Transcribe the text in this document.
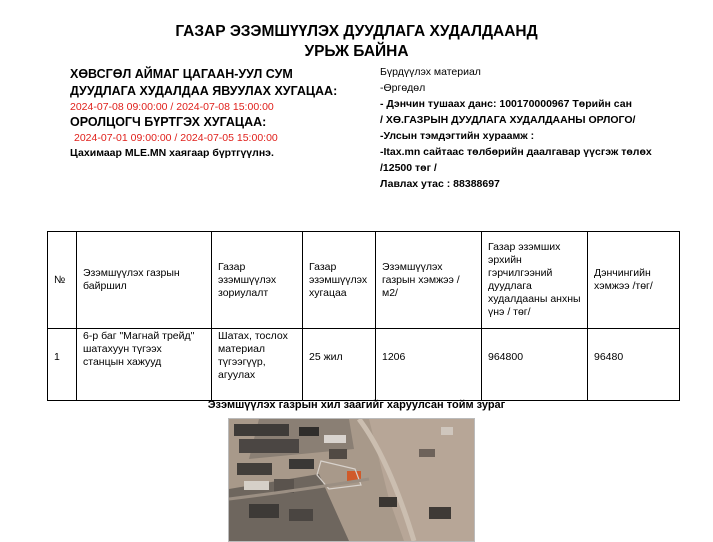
ГАЗАР ЭЗЭМШҮҮЛЭХ ДУУДЛАГА ХУДАЛДААНД
УРЬЖ БАЙНА
ХӨВСГӨЛ АЙМАГ ЦАГААН-УУЛ СУМ
ДУУДЛАГА ХУДАЛДАА ЯВУУЛАХ ХУГАЦАА:
2024-07-08 09:00:00 / 2024-07-08 15:00:00
ОРОЛЦОГЧ БҮРТГЭХ ХУГАЦАА:
2024-07-01 09:00:00 / 2024-07-05 15:00:00
Цахимаар MLE.MN хаягаар бүртгүүлнэ.
Бүрдүүлэх материал
-Өргөдөл
- Дэнчин тушаах данс: 100170000967 Төрийн сан
/ ХӨ.ГАЗРЫН ДУУДЛАГА ХУДАЛДААНЫ ОРЛОГО/
-Улсын тэмдэгтийн хураамж :
-Itax.mn сайтаас төлбөрийн даалгавар үүсгэж төлөх
/12500 төг /
Лавлах утас : 88388697
№	Эзэмшүүлэх газрын байршил	Газар эзэмшүүлэх зориулалт	Газар эзэмшүүлэх хугацаа	Эзэмшүүлэх газрын хэмжээ /м2/	Газар эзэмших эрхийн гэрчилгээний дуудлага худалдааны анхны үнэ / төг/	Дэнчингийн хэмжээ /төг/
1	6-р баг "Магнай трейд" шатахуун түгээх станцын хажууд	Шатах, тослох материал түгээгүүр, агуулах	25 жил	1206	964800	96480
Эзэмшүүлэх газрын хил заагийг харуулсан тойм зураг
